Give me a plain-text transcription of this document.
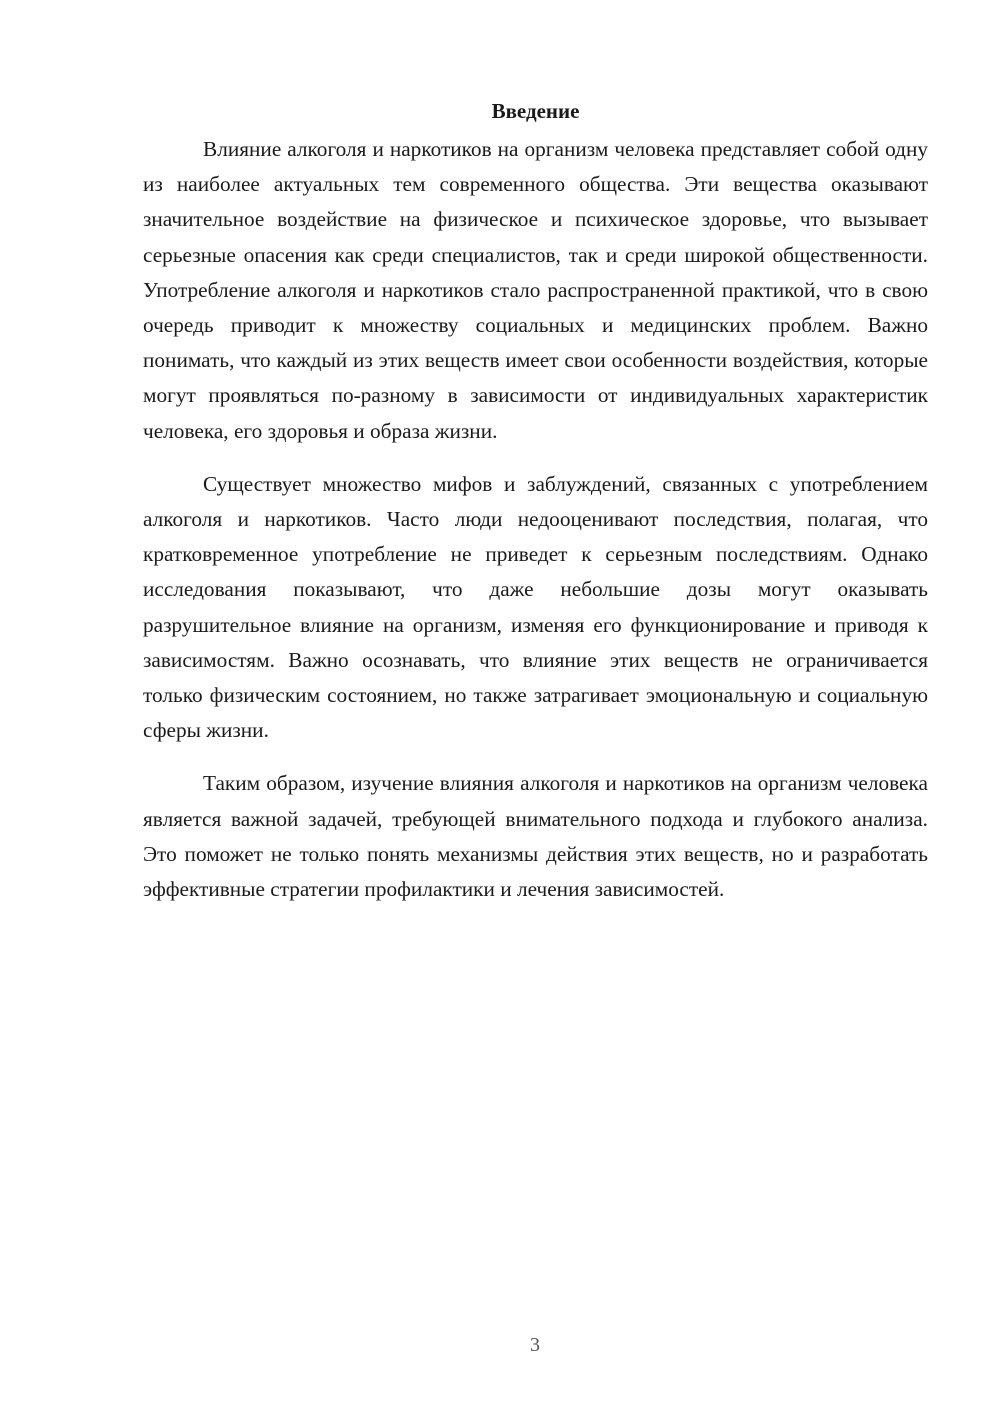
Введение

Влияние алкоголя и наркотиков на организм человека представляет собой одну из наиболее актуальных тем современного общества. Эти вещества оказывают значительное воздействие на физическое и психическое здоровье, что вызывает серьезные опасения как среди специалистов, так и среди широкой общественности. Употребление алкоголя и наркотиков стало распространенной практикой, что в свою очередь приводит к множеству социальных и медицинских проблем. Важно понимать, что каждый из этих веществ имеет свои особенности воздействия, которые могут проявляться по-разному в зависимости от индивидуальных характеристик человека, его здоровья и образа жизни.

Существует множество мифов и заблуждений, связанных с употреблением алкоголя и наркотиков. Часто люди недооценивают последствия, полагая, что кратковременное употребление не приведет к серьезным последствиям. Однако исследования показывают, что даже небольшие дозы могут оказывать разрушительное влияние на организм, изменяя его функционирование и приводя к зависимостям. Важно осознавать, что влияние этих веществ не ограничивается только физическим состоянием, но также затрагивает эмоциональную и социальную сферы жизни.

Таким образом, изучение влияния алкоголя и наркотиков на организм человека является важной задачей, требующей внимательного подхода и глубокого анализа. Это поможет не только понять механизмы действия этих веществ, но и разработать эффективные стратегии профилактики и лечения зависимостей.

3
